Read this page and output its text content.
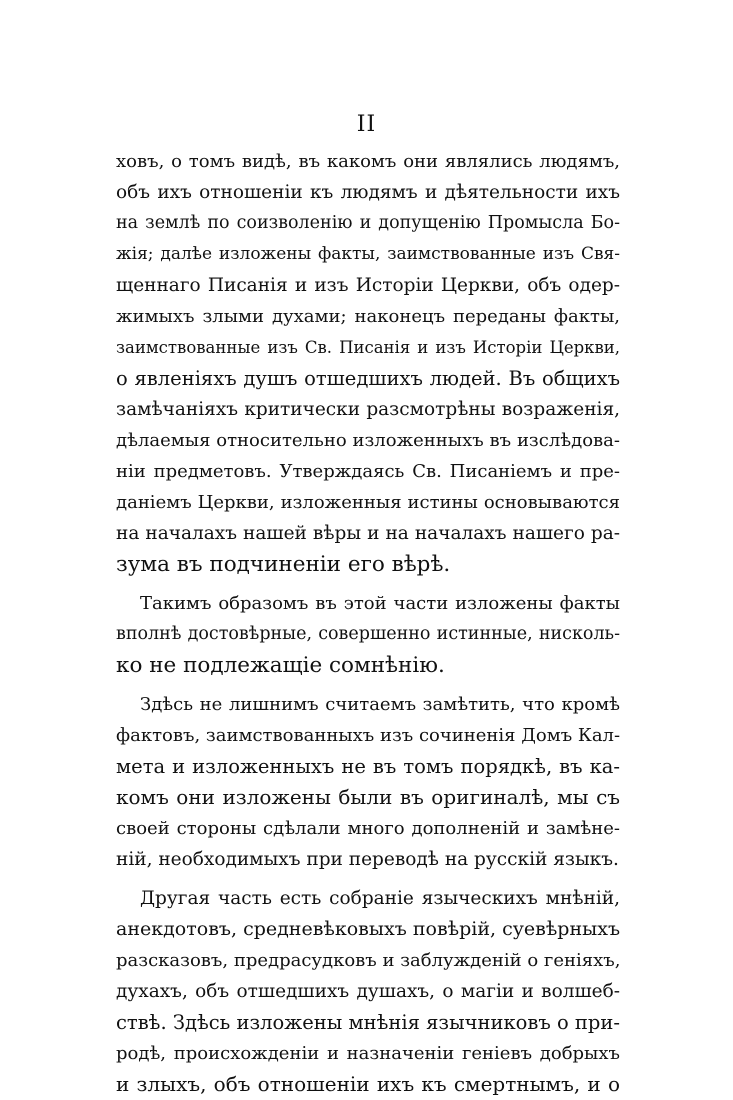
II
ховъ, о томъ видѣ, въ какомъ они являлись людямъ,
объ ихъ отношеніи къ людямъ и дѣятельности ихъ
на землѣ по соизволенію и допущенію Промысла Бо-
жія; далѣе изложены факты, заимствованные изъ Свя-
щеннаго Писанія и изъ Исторіи Церкви, объ одер-
жимыхъ злыми духами; наконецъ переданы факты,
заимствованные изъ Св. Писанія и изъ Исторіи Церкви,
о явленіяхъ душъ отшедшихъ людей. Въ общихъ
замѣчаніяхъ критически разсмотрѣны возраженія,
дѣлаемыя относительно изложенныхъ въ изслѣдова-
ніи предметовъ. Утверждаясь Св. Писаніемъ и пре-
даніемъ Церкви, изложенныя истины основываются
на началахъ нашей вѣры и на началахъ нашего ра-
зума въ подчиненіи его вѣрѣ.
Такимъ образомъ въ этой части изложены факты
вполнѣ достовѣрные, совершенно истинные, нисколь-
ко не подлежащіе сомнѣнію.
Здѣсь не лишнимъ считаемъ замѣтить, что кромѣ
фактовъ, заимствованныхъ изъ сочиненія Домъ Кал-
мета и изложенныхъ не въ томъ порядкѣ, въ ка-
комъ они изложены были въ оригиналѣ, мы съ
своей стороны сдѣлали много дополненій и замѣне-
ній, необходимыхъ при переводѣ на русскій языкъ.
Другая часть есть собраніе языческихъ мнѣній,
анекдотовъ, средневѣковыхъ повѣрій, суевѣрныхъ
разсказовъ, предрасудковъ и заблужденій о геніяхъ,
духахъ, объ отшедшихъ душахъ, о магіи и волшеб-
ствѣ. Здѣсь изложены мнѣнія язычниковъ о при-
родѣ, происхожденіи и назначеніи геніевъ добрыхъ
и злыхъ, объ отношеніи ихъ къ смертнымъ, и о
